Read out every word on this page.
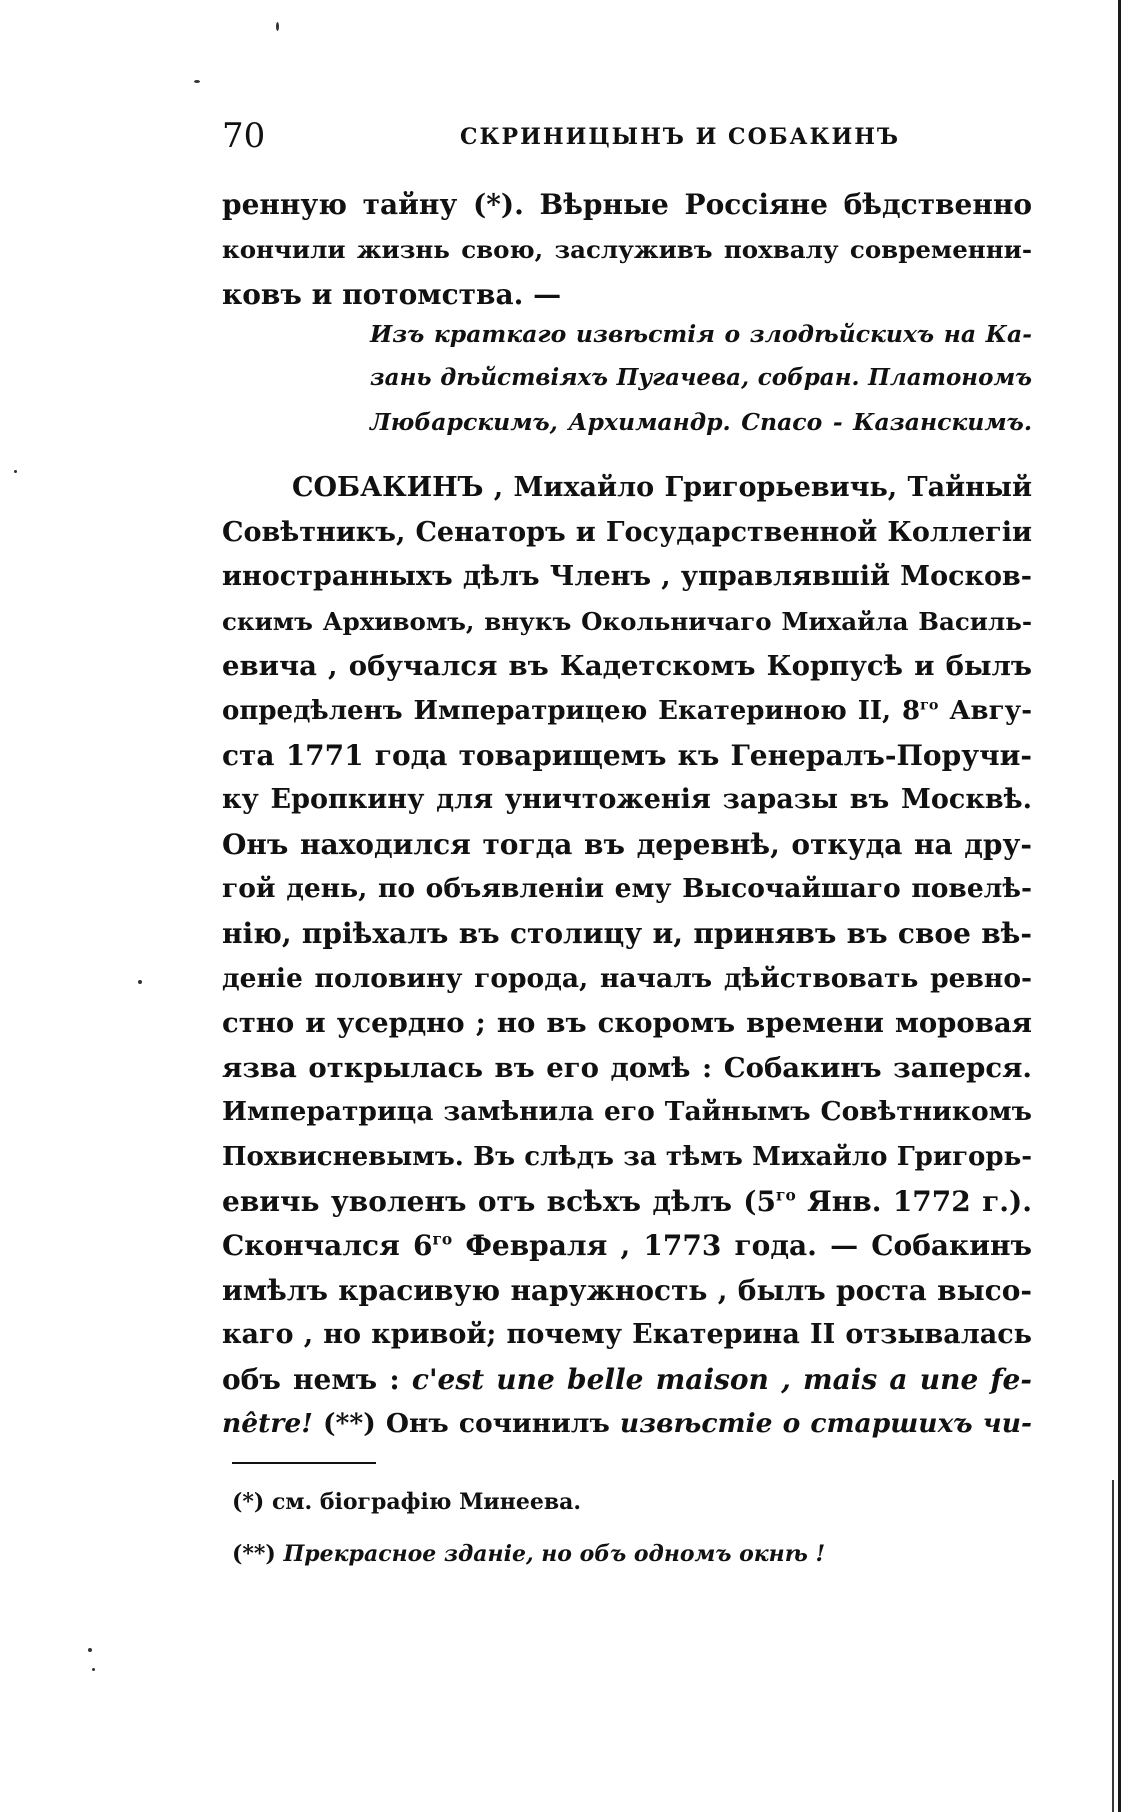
70	СКРИНИЦЫНЪ И СОБАКИНЪ
ренную тайну (*). Вѣрные Россіяне бѣдственно
кончили жизнь свою, заслуживъ похвалу современни-
ковъ и потомства. —
Изъ краткаго извѣстія о злодѣйскихъ на Ка-
зань дѣйствіяхъ Пугачева, собран. Платономъ
Любарскимъ, Архимандр. Спасо - Казанскимъ.
СОБАКИНЪ , Михайло Григорьевичь, Тайный
Совѣтникъ, Сенаторъ и Государственной Коллегіи
иностранныхъ дѣлъ Членъ , управлявшій Москов-
скимъ Архивомъ, внукъ Окольничаго Михайла Василь-
евича , обучался въ Кадетскомъ Корпусѣ и былъ
опредѣленъ Императрицею Екатериною II, $8^{го}$ Авгу-
ста 1771 года товарищемъ къ Генералъ-Поручи-
ку Еропкину для уничтоженія заразы въ Москвѣ.
Онъ находился тогда въ деревнѣ, откуда на дру-
гой день, по объявленіи ему Высочайшаго повелѣ-
нію, пріѣхалъ въ столицу и, принявъ въ свое вѣ-
деніе половину города, началъ дѣйствовать ревно-
стно и усердно ; но въ скоромъ времени моровая
язва открылась въ его домѣ : Собакинъ заперся.
Императрица замѣнила его Тайнымъ Совѣтникомъ
Похвисневымъ. Въ слѣдъ за тѣмъ Михайло Григорь-
евичь уволенъ отъ всѣхъ дѣлъ ($5^{го}$ Янв. 1772 г.).
Скончался $6^{го}$ Февраля , 1773 года. — Собакинъ
имѣлъ красивую наружность , былъ роста высо-
каго , но кривой; почему Екатерина II отзывалась
объ немъ : c'est une belle maison , mais a une fe-
nêtre! (**) Онъ сочинилъ извѣстіе о старшихъ чи-
(*) см. біографію Минеева.
(**) Прекрасное зданіе, но объ одномъ окнѣ !
